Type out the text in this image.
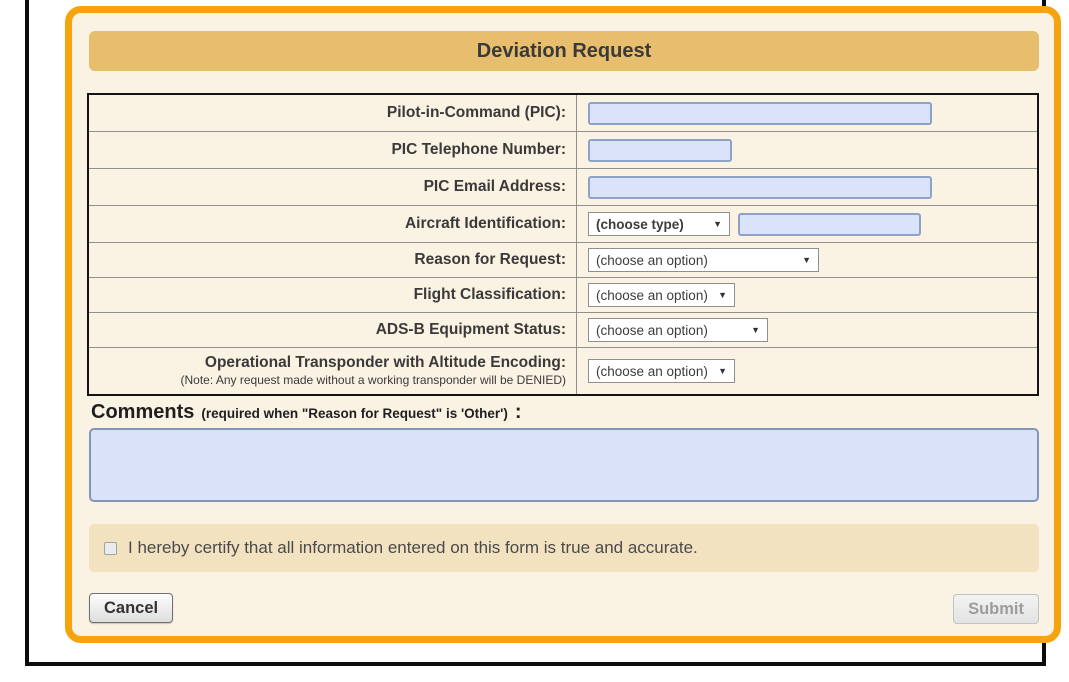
Deviation Request
Pilot-in-Command (PIC):
PIC Telephone Number:
PIC Email Address:
Aircraft Identification:	(choose type)	▼
Reason for Request:	(choose an option)	▼
Flight Classification:	(choose an option) ▼
ADS-B Equipment Status:	(choose an option)	▼
Operational Transponder with Altitude Encoding:
(Note: Any request made without a working transponder will be DENIED)
(choose an option) ▼
Comments (required when "Reason for Request" is 'Other') :
I hereby certify that all information entered on this form is true and accurate.
Cancel	Submit
